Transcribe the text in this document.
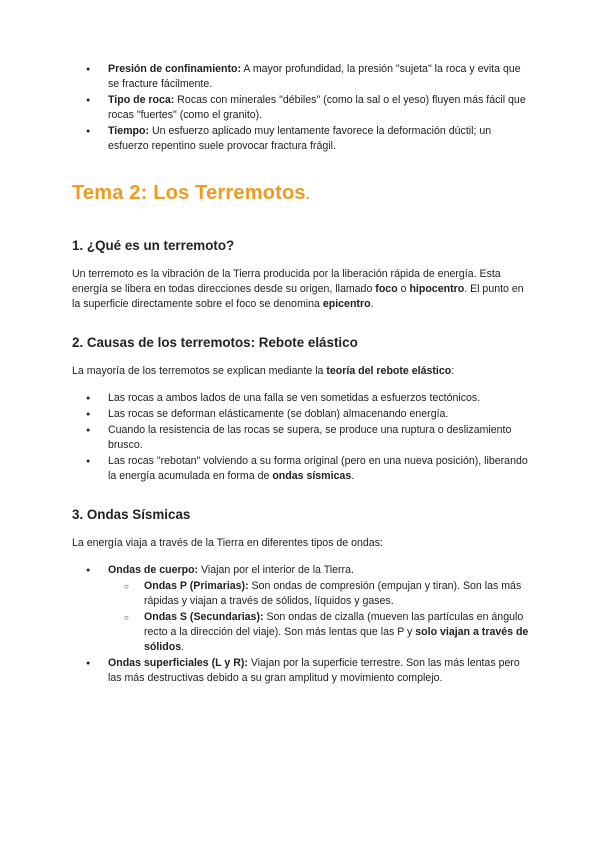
● Presión de confinamiento: A mayor profundidad, la presión "sujeta" la roca y evita que se fracture fácilmente.
● Tipo de roca: Rocas con minerales "débiles" (como la sal o el yeso) fluyen más fácil que rocas "fuertes" (como el granito).
● Tiempo: Un esfuerzo aplicado muy lentamente favorece la deformación dúctil; un esfuerzo repentino suele provocar fractura frágil.
Tema 2: Los Terremotos.
1. ¿Qué es un terremoto?

Un terremoto es la vibración de la Tierra producida por la liberación rápida de energía. Esta energía se libera en todas direcciones desde su origen, llamado foco o hipocentro. El punto en la superficie directamente sobre el foco se denomina epicentro.

2. Causas de los terremotos: Rebote elástico

La mayoría de los terremotos se explican mediante la teoría del rebote elástico:

● Las rocas a ambos lados de una falla se ven sometidas a esfuerzos tectónicos.
● Las rocas se deforman elásticamente (se doblan) almacenando energía.
● Cuando la resistencia de las rocas se supera, se produce una ruptura o deslizamiento brusco.
● Las rocas "rebotan" volviendo a su forma original (pero en una nueva posición), liberando la energía acumulada en forma de ondas sísmicas.
3. Ondas Sísmicas

La energía viaja a través de la Tierra en diferentes tipos de ondas:

● Ondas de cuerpo: Viajan por el interior de la Tierra.
○ Ondas P (Primarias): Son ondas de compresión (empujan y tiran). Son las más rápidas y viajan a través de sólidos, líquidos y gases.
○ Ondas S (Secundarias): Son ondas de cizalla (mueven las partículas en ángulo recto a la dirección del viaje). Son más lentas que las P y solo viajan a través de sólidos.
● Ondas superficiales (L y R): Viajan por la superficie terrestre. Son las más lentas pero las más destructivas debido a su gran amplitud y movimiento complejo.
